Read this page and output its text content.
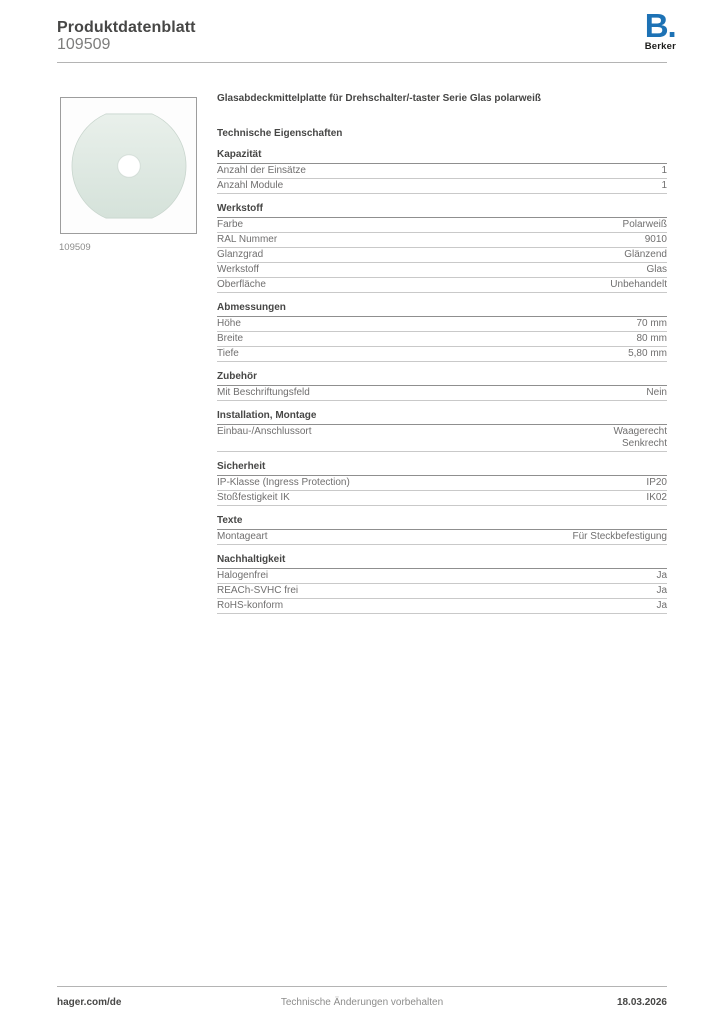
Produktdatenblatt
109509
B.
Berker
109509
Glasabdeckmittelplatte für Drehschalter/-taster Serie Glas polarweiß
Technische Eigenschaften
Kapazität
Anzahl der Einsätze	1
Anzahl Module	1
Werkstoff
Farbe	Polarweiß
RAL Nummer	9010
Glanzgrad	Glänzend
Werkstoff	Glas
Oberfläche	Unbehandelt
Abmessungen
Höhe	70 mm
Breite	80 mm
Tiefe	5,80 mm
Zubehör
Mit Beschriftungsfeld	Nein
Installation, Montage
Einbau-/Anschlussort	Waagerecht
Senkrecht
Sicherheit
IP-Klasse (Ingress Protection)	IP20
Stoßfestigkeit IK	IK02
Texte
Montageart	Für Steckbefestigung
Nachhaltigkeit
Halogenfrei	Ja
REACh-SVHC frei	Ja
RoHS-konform	Ja
hager.com/de	Technische Änderungen vorbehalten	18.03.2026
